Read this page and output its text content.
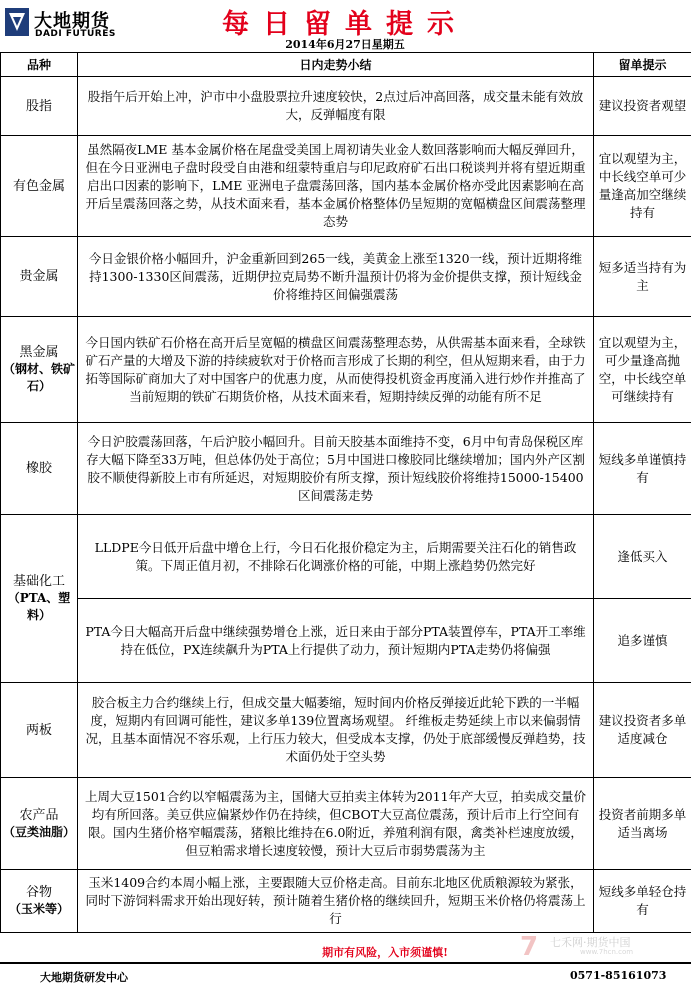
大地期货
DADI FUTURES	每日留单提示
2014年6月27日星期五
品种	日内走势小结	留单提示
股指	股指午后开始上冲，沪市中小盘股票拉升速度较快，2点过后冲高回落，成交量未能有效放大，反弹幅度有限	建议投资者观望
有色金属	虽然隔夜LME 基本金属价格在尾盘受美国上周初请失业金人数回落影响而大幅反弹回升，但在今日亚洲电子盘时段受自由港和纽蒙特重启与印尼政府矿石出口税谈判并将有望近期重启出口因素的影响下，LME 亚洲电子盘震荡回落，国内基本金属价格亦受此因素影响在高开后呈震荡回落之势，从技术面来看，基本金属价格整体仍呈短期的宽幅横盘区间震荡整理态势	宜以观望为主，中长线空单可少量逢高加空继续持有
贵金属	今日金银价格小幅回升，沪金重新回到265一线，美黄金上涨至1320一线，预计近期将维持1300-1330区间震荡，近期伊拉克局势不断升温预计仍将为金价提供支撑，预计短线金价将维持区间偏强震荡	短多适当持有为主
黑金属
（钢材、铁矿石）	今日国内铁矿石价格在高开后呈宽幅的横盘区间震荡整理态势，从供需基本面来看，全球铁矿石产量的大增及下游的持续疲软对于价格而言形成了长期的利空，但从短期来看，由于力拓等国际矿商加大了对中国客户的优惠力度，从而使得投机资金再度涌入进行炒作并推高了当前短期的铁矿石期货价格，从技术面来看，短期持续反弹的动能有所不足	宜以观望为主，可少量逢高抛空，中长线空单可继续持有
橡胶	今日沪胶震荡回落，午后沪胶小幅回升。目前天胶基本面维持不变，6月中旬青岛保税区库存大幅下降至33万吨，但总体仍处于高位；5月中国进口橡胶同比继续增加；国内外产区割胶不顺使得新胶上市有所延迟，对短期胶价有所支撑，预计短线胶价将维持15000-15400区间震荡走势	短线多单谨慎持有
基础化工
（PTA、塑料）	LLDPE今日低开后盘中增仓上行，今日石化报价稳定为主，后期需要关注石化的销售政策。下周正值月初，不排除石化调涨价格的可能，中期上涨趋势仍然完好	逢低买入
	PTA今日大幅高开后盘中继续强势增仓上涨，近日来由于部分PTA装置停车，PTA开工率维持在低位，PX连续飙升为PTA上行提供了动力，预计短期内PTA走势仍将偏强	追多谨慎
两板	胶合板主力合约继续上行，但成交量大幅萎缩，短时间内价格反弹接近此轮下跌的一半幅度，短期内有回调可能性，建议多单139位置离场观望。 纤维板走势延续上市以来偏弱情况，且基本面情况不容乐观，上行压力较大，但受成本支撑，仍处于底部缓慢反弹趋势，技术面仍处于空头势	建议投资者多单适度减仓
农产品
（豆类油脂）	上周大豆1501合约以窄幅震荡为主，国储大豆拍卖主体转为2011年产大豆，拍卖成交量价均有所回落。美豆供应偏紧炒作仍在持续，但CBOT大豆高位震荡，预计后市上行空间有限。国内生猪价格窄幅震荡，猪粮比维持在6.0附近，养殖利润有限，禽类补栏速度放缓，但豆粕需求增长速度较慢，预计大豆后市弱势震荡为主	投资者前期多单适当离场
谷物
（玉米等）	玉米1409合约本周小幅上涨，主要跟随大豆价格走高。目前东北地区优质粮源较为紧张，同时下游饲料需求开始出现好转，预计随着生猪价格的继续回升，短期玉米价格仍将震荡上行	短线多单轻仓持有
7 七禾网·期货中国
www.7hcn.com
期市有风险，入市须谨慎!
大地期货研发中心	0571-85161073
